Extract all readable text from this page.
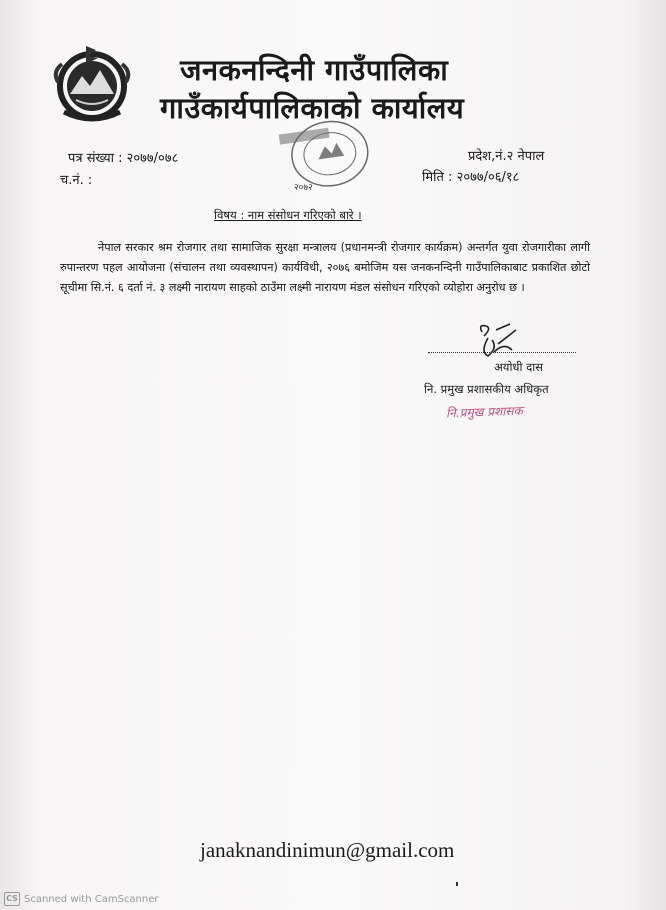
जनकनन्दिनी गाउँपालिका
गाउँकार्यपालिकाको कार्यालय
२०७२
पत्र संख्या : २०७७/०७८
च.नं. :
प्रदेश,नं.२ नेपाल
मिति : २०७७/०६/१८
विषय : नाम संसोधन गरिएको बारे ।
नेपाल सरकार श्रम रोजगार तथा सामाजिक सुरक्षा मन्त्रालय (प्रधानमन्त्री रोजगार कार्यक्रम) अन्तर्गत युवा रोजगारीका लागी रुपान्तरण पहल आयोजना (संचालन तथा व्यवस्थापन) कार्यविधी, २०७६ बमोजिम यस जनकनन्दिनी गाउँपालिकाबाट प्रकाशित छोटो सूचीमा सि.नं. ६ दर्ता नं. ३ लक्ष्मी नारायण साहको ठाउँमा लक्ष्मी नारायण मंडल संसोधन गरिएको व्योहोरा अनुरोध छ ।
अयोधी दास
नि. प्रमुख प्रशासकीय अधिकृत
नि.प्रमुख प्रशासक
janaknandinimun@gmail.com
CS Scanned with CamScanner
